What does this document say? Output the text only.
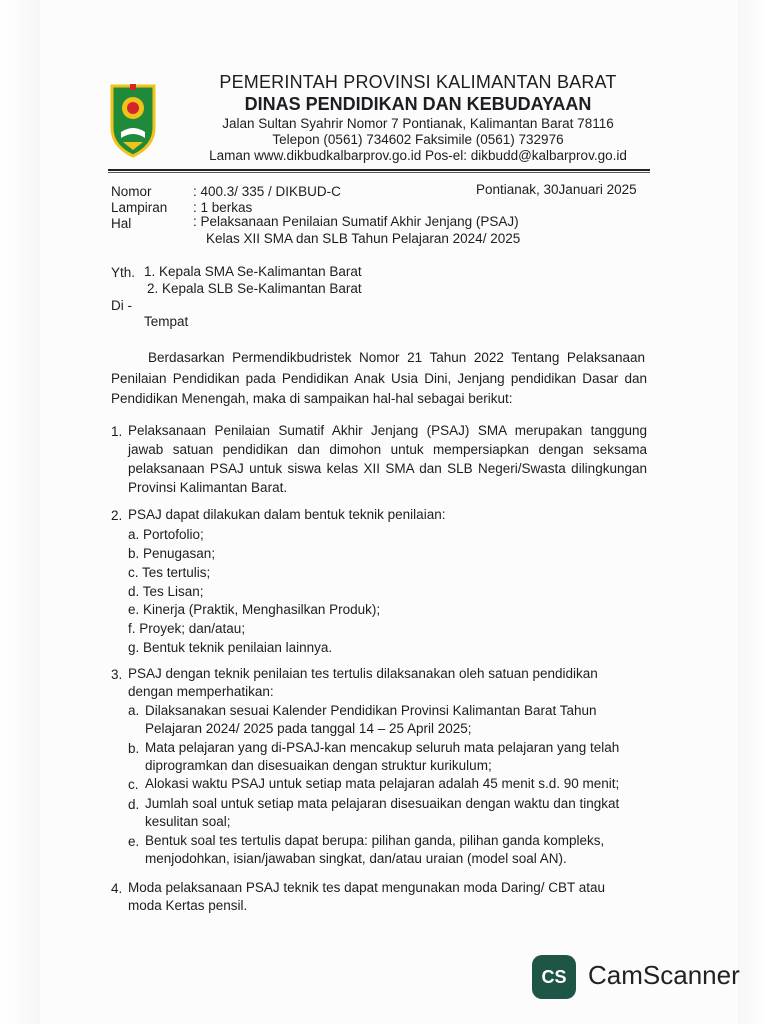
PEMERINTAH PROVINSI KALIMANTAN BARAT
DINAS PENDIDIKAN DAN KEBUDAYAAN
Jalan Sultan Syahrir Nomor 7 Pontianak, Kalimantan Barat 78116
Telepon (0561) 734602 Faksimile (0561) 732976
Laman www.dikbudkalbarprov.go.id Pos-el: dikbudd@kalbarprov.go.id
Nomor	: 400.3/ 335 / DIKBUD-C	Pontianak, 30Januari 2025
Lampiran : 1 berkas
Hal	: Pelaksanaan Penilaian Sumatif Akhir Jenjang (PSAJ)
Kelas XII SMA dan SLB Tahun Pelajaran 2024/ 2025
Yth. 1. Kepala SMA Se-Kalimantan Barat
2. Kepala SLB Se-Kalimantan Barat
Di -
Tempat
Berdasarkan Permendikbudristek Nomor 21 Tahun 2022 Tentang Pelaksanaan
Penilaian Pendidikan pada Pendidikan Anak Usia Dini, Jenjang pendidikan Dasar dan
Pendidikan Menengah, maka di sampaikan hal-hal sebagai berikut:
1. Pelaksanaan Penilaian Sumatif Akhir Jenjang (PSAJ) SMA merupakan tanggung
jawab satuan pendidikan dan dimohon untuk mempersiapkan dengan seksama
pelaksanaan PSAJ untuk siswa kelas XII SMA dan SLB Negeri/Swasta dilingkungan
Provinsi Kalimantan Barat.
2. PSAJ dapat dilakukan dalam bentuk teknik penilaian:
a. Portofolio;
b. Penugasan;
c. Tes tertulis;
d. Tes Lisan;
e. Kinerja (Praktik, Menghasilkan Produk);
f. Proyek; dan/atau;
g. Bentuk teknik penilaian lainnya.
3. PSAJ dengan teknik penilaian tes tertulis dilaksanakan oleh satuan pendidikan
dengan memperhatikan:
a. Dilaksanakan sesuai Kalender Pendidikan Provinsi Kalimantan Barat Tahun
Pelajaran 2024/ 2025 pada tanggal 14 – 25 April 2025;
b. Mata pelajaran yang di-PSAJ-kan mencakup seluruh mata pelajaran yang telah
diprogramkan dan disesuaikan dengan struktur kurikulum;
c. Alokasi waktu PSAJ untuk setiap mata pelajaran adalah 45 menit s.d. 90 menit;
d. Jumlah soal untuk setiap mata pelajaran disesuaikan dengan waktu dan tingkat
kesulitan soal;
e. Bentuk soal tes tertulis dapat berupa: pilihan ganda, pilihan ganda kompleks,
menjodohkan, isian/jawaban singkat, dan/atau uraian (model soal AN).
4. Moda pelaksanaan PSAJ teknik tes dapat mengunakan moda Daring/ CBT atau
moda Kertas pensil.
CS CamScanner
